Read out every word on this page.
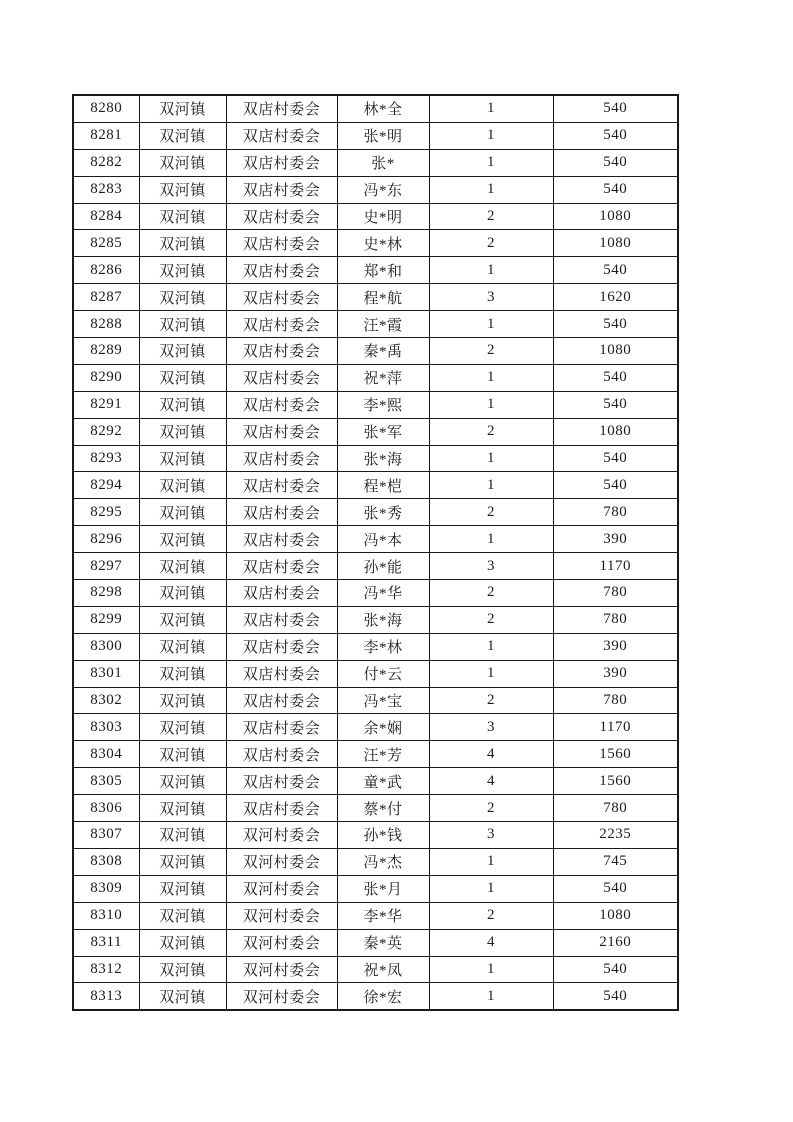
8280	双河镇	双店村委会	林*全	1	540
8281	双河镇	双店村委会	张*明	1	540
8282	双河镇	双店村委会	张*	1	540
8283	双河镇	双店村委会	冯*东	1	540
8284	双河镇	双店村委会	史*明	2	1080
8285	双河镇	双店村委会	史*林	2	1080
8286	双河镇	双店村委会	郑*和	1	540
8287	双河镇	双店村委会	程*航	3	1620
8288	双河镇	双店村委会	汪*霞	1	540
8289	双河镇	双店村委会	秦*禹	2	1080
8290	双河镇	双店村委会	祝*萍	1	540
8291	双河镇	双店村委会	李*熙	1	540
8292	双河镇	双店村委会	张*军	2	1080
8293	双河镇	双店村委会	张*海	1	540
8294	双河镇	双店村委会	程*桤	1	540
8295	双河镇	双店村委会	张*秀	2	780
8296	双河镇	双店村委会	冯*本	1	390
8297	双河镇	双店村委会	孙*能	3	1170
8298	双河镇	双店村委会	冯*华	2	780
8299	双河镇	双店村委会	张*海	2	780
8300	双河镇	双店村委会	李*林	1	390
8301	双河镇	双店村委会	付*云	1	390
8302	双河镇	双店村委会	冯*宝	2	780
8303	双河镇	双店村委会	余*娴	3	1170
8304	双河镇	双店村委会	汪*芳	4	1560
8305	双河镇	双店村委会	童*武	4	1560
8306	双河镇	双店村委会	蔡*付	2	780
8307	双河镇	双河村委会	孙*钱	3	2235
8308	双河镇	双河村委会	冯*杰	1	745
8309	双河镇	双河村委会	张*月	1	540
8310	双河镇	双河村委会	李*华	2	1080
8311	双河镇	双河村委会	秦*英	4	2160
8312	双河镇	双河村委会	祝*凤	1	540
8313	双河镇	双河村委会	徐*宏	1	540
